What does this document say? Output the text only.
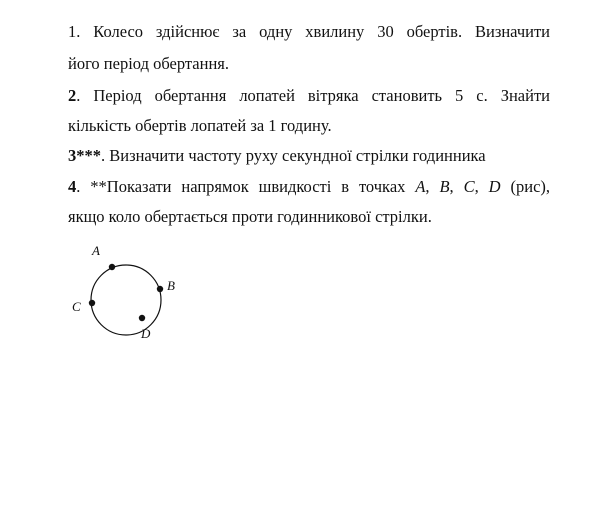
1. Колесо здійснює за одну хвилину 30 обертів. Визначити
його період обертання.
2. Період обертання лопатей вітряка становить 5 с. Знайти
кількість обертів лопатей за 1 годину.
3***. Визначити частоту руху секундної стрілки годинника
4. **Показати напрямок швидкості в точках A, B, C, D (рис),
якщо коло обертається проти годинникової стрілки.
A
B
C
D
